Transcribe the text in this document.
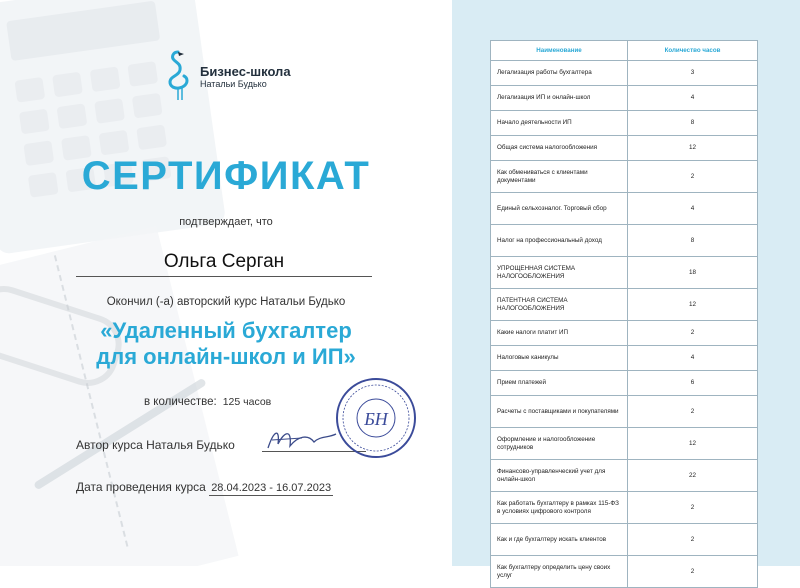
Бизнес-школа
Натальи Будько
СЕРТИФИКАТ
подтверждает, что
Ольга Серган
Окончил (-а) авторский курс Натальи Будько
«Удаленный бухгалтер
для онлайн-школ и ИП»
в количестве: 125 часов
Автор курса Наталья Будько
БН
Дата проведения курса 28.04.2023 - 16.07.2023
Наименование	Количество часов
Легализация работы бухгалтера	3
Легализация ИП и онлайн-школ	4
Начало деятельности ИП	8
Общая система налогообложения	12
Как обмениваться с клиентами документами	2
Единый сельхозналог. Торговый сбор	4
Налог на профессиональный доход	8
УПРОЩЕННАЯ СИСТЕМА НАЛОГООБЛОЖЕНИЯ	18
ПАТЕНТНАЯ СИСТЕМА НАЛОГООБЛОЖЕНИЯ	12
Какие налоги платит ИП	2
Налоговые каникулы	4
Прием платежей	6
Расчеты с поставщиками и покупателями	2
Оформление и налогообложение сотрудников	12
Финансово-управленческий учет для онлайн-школ	22
Как работать бухгалтеру в рамках 115-ФЗ в условиях цифрового контроля	2
Как и где бухгалтеру искать клиентов	2
Как бухгалтеру определить цену своих услуг	2
